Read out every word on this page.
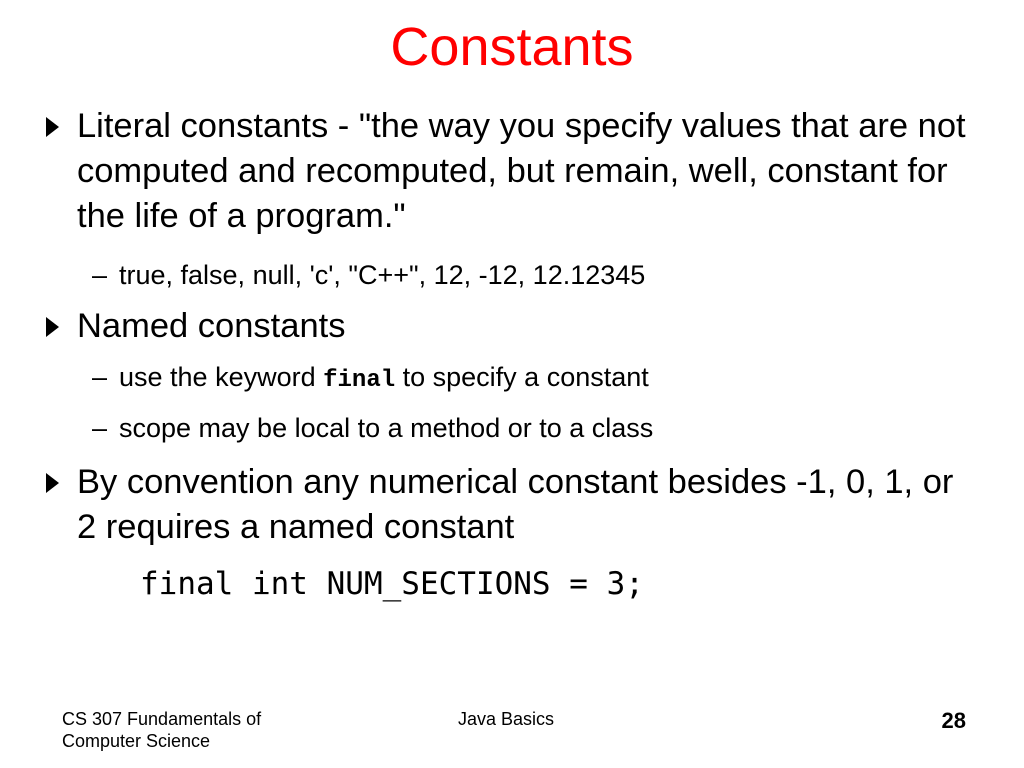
Constants
Literal constants - "the way you specify values that are not computed and recomputed, but remain, well, constant for the life of a program."
– true, false, null, 'c', "C++", 12, -12, 12.12345
Named constants
– use the keyword final to specify a constant
– scope may be local to a method or to a class
By convention any numerical constant besides -1, 0, 1, or 2 requires a named constant
final int NUM_SECTIONS = 3;
CS 307 Fundamentals of Computer Science
Java Basics	28
